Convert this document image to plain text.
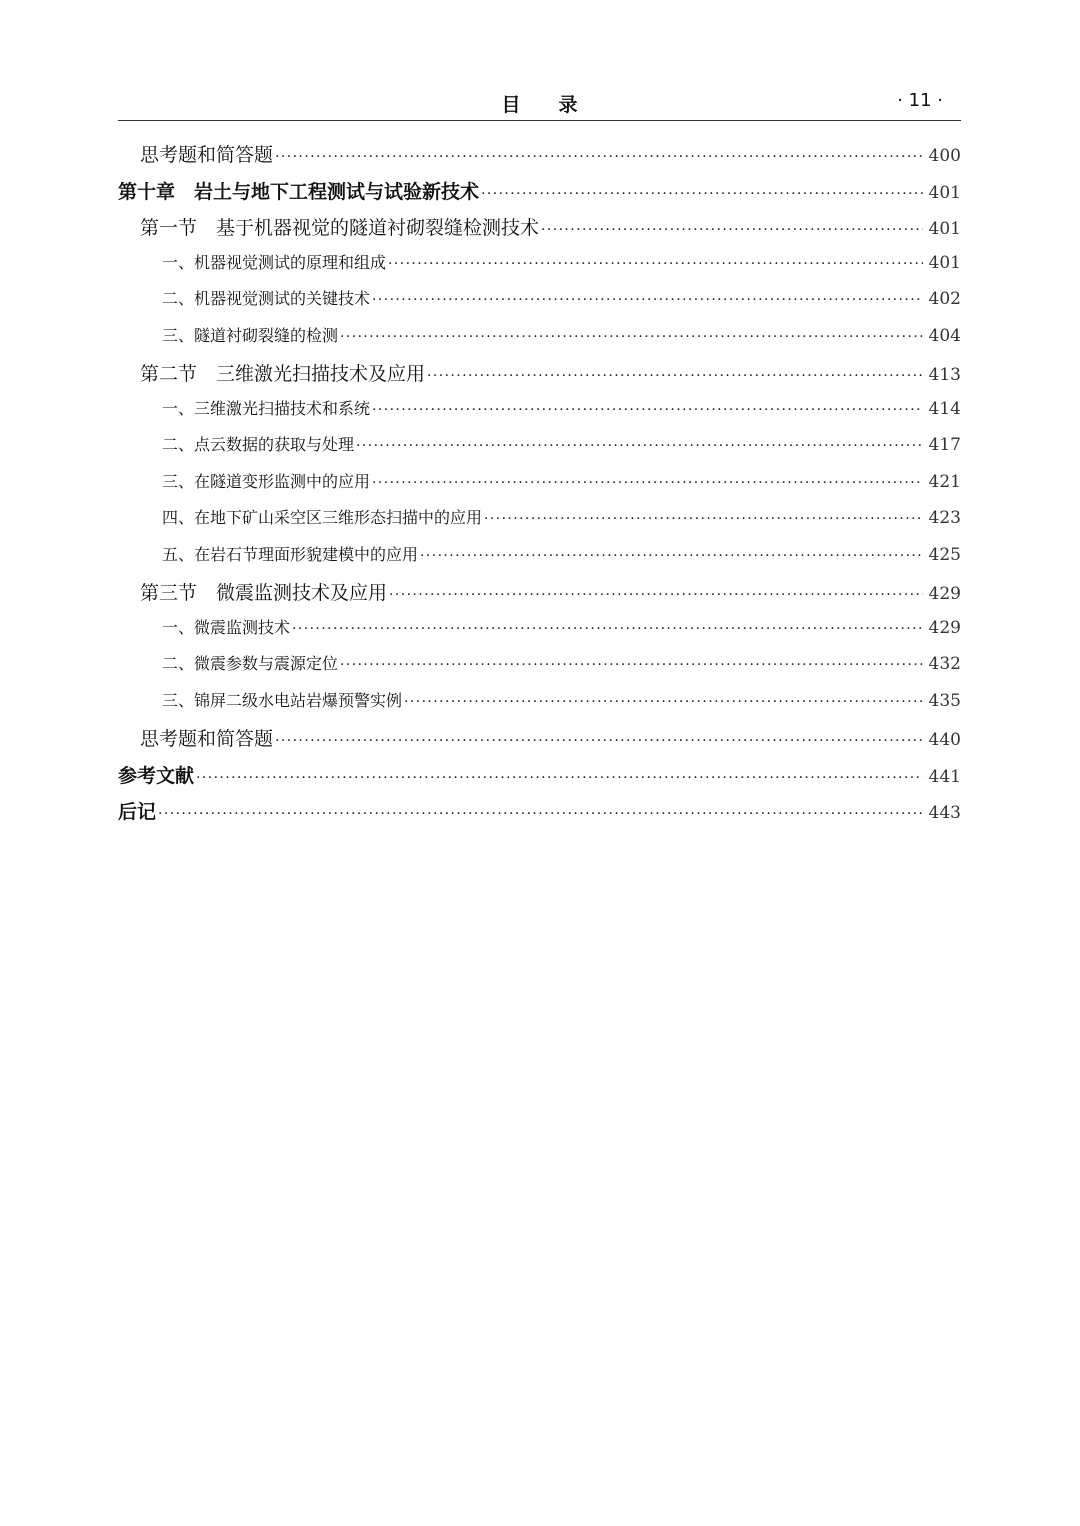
目录	· 11 ·
思考题和简答题 ·····	400
第十章　岩土与地下工程测试与试验新技术 ·····	401
第一节　基于机器视觉的隧道衬砌裂缝检测技术 ·····	401
一、机器视觉测试的原理和组成 ·····	401
二、机器视觉测试的关键技术 ·····	402
三、隧道衬砌裂缝的检测 ·····	404
第二节　三维激光扫描技术及应用 ·····	413
一、三维激光扫描技术和系统 ·····	414
二、点云数据的获取与处理 ·····	417
三、在隧道变形监测中的应用 ·····	421
四、在地下矿山采空区三维形态扫描中的应用 ·····	423
五、在岩石节理面形貌建模中的应用 ·····	425
第三节　微震监测技术及应用 ·····	429
一、微震监测技术 ·····	429
二、微震参数与震源定位 ·····	432
三、锦屏二级水电站岩爆预警实例 ·····	435
思考题和简答题 ·····	440
参考文献 ·····	441
后记 ·····	443
